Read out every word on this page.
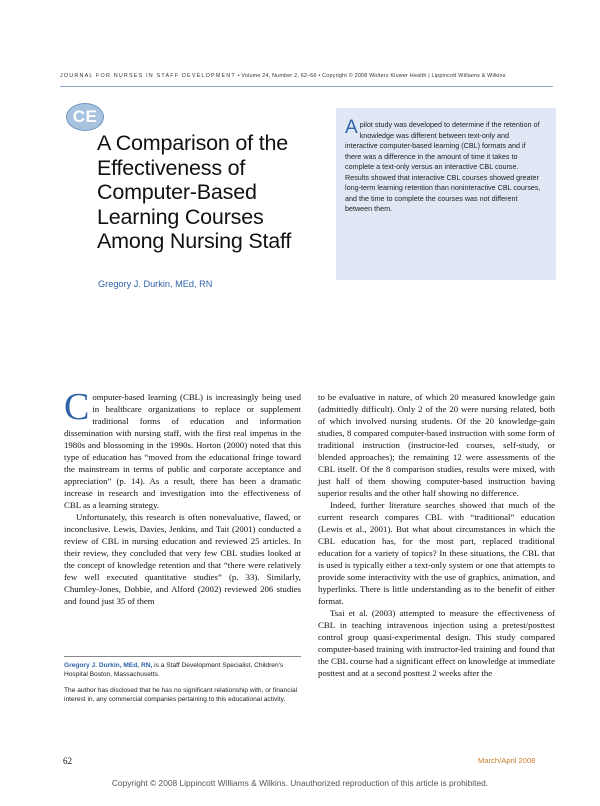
JOURNAL FOR NURSES IN STAFF DEVELOPMENT • Volume 24, Number 2, 62–66 • Copyright © 2008 Wolters Kluwer Health | Lippincott Williams & Wilkins
CE
A Comparison of the Effectiveness of Computer-Based Learning Courses Among Nursing Staff
Gregory J. Durkin, MEd, RN

A pilot study was developed to determine if the retention of knowledge was different between text-only and interactive computer-based learning (CBL) formats and if there was a difference in the amount of time it takes to complete a text-only versus an interactive CBL course. Results showed that interactive CBL courses showed greater long-term learning retention than noninteractive CBL courses, and the time to complete the courses was not different between them.

Computer-based learning (CBL) is increasingly being used in healthcare organizations to replace or supplement traditional forms of education and information dissemination with nursing staff, with the first real impetus in the 1980s and blossoming in the 1990s. Horton (2000) noted that this type of education has “moved from the educational fringe toward the mainstream in terms of public and corporate acceptance and appreciation” (p. 14). As a result, there has been a dramatic increase in research and investigation into the effectiveness of CBL as a learning strategy.

Unfortunately, this research is often nonevaluative, flawed, or inconclusive. Lewis, Davies, Jenkins, and Tait (2001) conducted a review of CBL in nursing education and reviewed 25 articles. In their review, they concluded that very few CBL studies looked at the concept of knowledge retention and that “there were relatively few well executed quantitative studies” (p. 33). Similarly, Chumley-Jones, Dobbie, and Alford (2002) reviewed 206 studies and found just 35 of them

to be evaluative in nature, of which 20 measured knowledge gain (admittedly difficult). Only 2 of the 20 were nursing related, both of which involved nursing students. Of the 20 knowledge-gain studies, 8 compared computer-based instruction with some form of traditional instruction (instructor-led courses, self-study, or blended approaches); the remaining 12 were assessments of the CBL itself. Of the 8 comparison studies, results were mixed, with just half of them showing computer-based instruction having superior results and the other half showing no difference.

Indeed, further literature searches showed that much of the current research compares CBL with “traditional” education (Lewis et al., 2001). But what about circumstances in which the CBL education has, for the most part, replaced traditional education for a variety of topics? In these situations, the CBL that is used is typically either a text-only system or one that attempts to provide some interactivity with the use of graphics, animation, and hyperlinks. There is little understanding as to the benefit of either format.

Tsai et al. (2003) attempted to measure the effectiveness of CBL in teaching intravenous injection using a pretest/posttest control group quasi-experimental design. This study compared computer-based training with instructor-led training and found that the CBL course had a significant effect on knowledge at immediate posttest and at a second posttest 2 weeks after the

Gregory J. Durkin, MEd, RN, is a Staff Development Specialist, Children’s Hospital Boston, Massachusetts.

The author has disclosed that he has no significant relationship with, or financial interest in, any commercial companies pertaining to this educational activity.

62	March/April 2008
Copyright © 2008 Lippincott Williams & Wilkins. Unauthorized reproduction of this article is prohibited.
